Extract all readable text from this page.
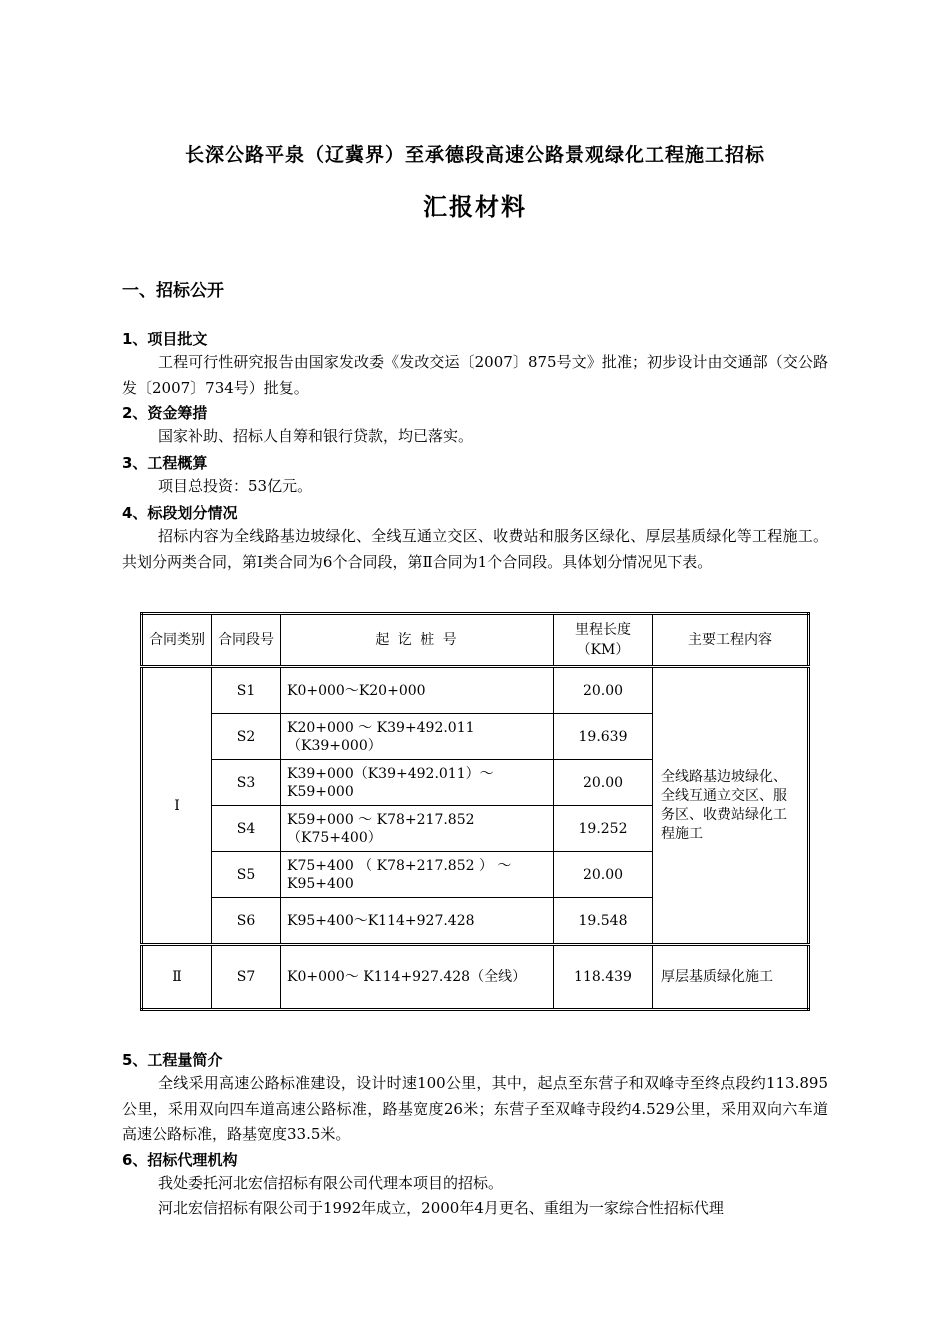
长深公路平泉（辽冀界）至承德段高速公路景观绿化工程施工招标
汇报材料
一、招标公开
1、项目批文
工程可行性研究报告由国家发改委《发改交运〔2007〕875号文》批准；初步设计由交通部（交公路发〔2007〕734号）批复。
2、资金筹措
国家补助、招标人自筹和银行贷款，均已落实。
3、工程概算
项目总投资：53亿元。
4、标段划分情况
招标内容为全线路基边坡绿化、全线互通立交区、收费站和服务区绿化、厚层基质绿化等工程施工。共划分两类合同，第Ⅰ类合同为6个合同段，第Ⅱ合同为1个合同段。具体划分情况见下表。
合同类别	合同段号	起 讫 桩 号	里程长度（KM）	主要工程内容
Ⅰ	S1	K0+000～K20+000	20.00	全线路基边坡绿化、全线互通立交区、服务区、收费站绿化工程施工
	S2	K20+000 ～ K39+492.011（K39+000）	19.639	
	S3	K39+000（K39+492.011）～ K59+000	20.00	
	S4	K59+000 ～ K78+217.852（K75+400）	19.252	
	S5	K75+400 （ K78+217.852 ） ～ K95+400	20.00	
	S6	K95+400～K114+927.428	19.548	
Ⅱ	S7	K0+000～ K114+927.428（全线）	118.439	厚层基质绿化施工
5、工程量简介
全线采用高速公路标准建设，设计时速100公里，其中，起点至东营子和双峰寺至终点段约113.895公里，采用双向四车道高速公路标准，路基宽度26米；东营子至双峰寺段约4.529公里，采用双向六车道高速公路标准，路基宽度33.5米。
6、招标代理机构
我处委托河北宏信招标有限公司代理本项目的招标。
河北宏信招标有限公司于1992年成立，2000年4月更名、重组为一家综合性招标代理
